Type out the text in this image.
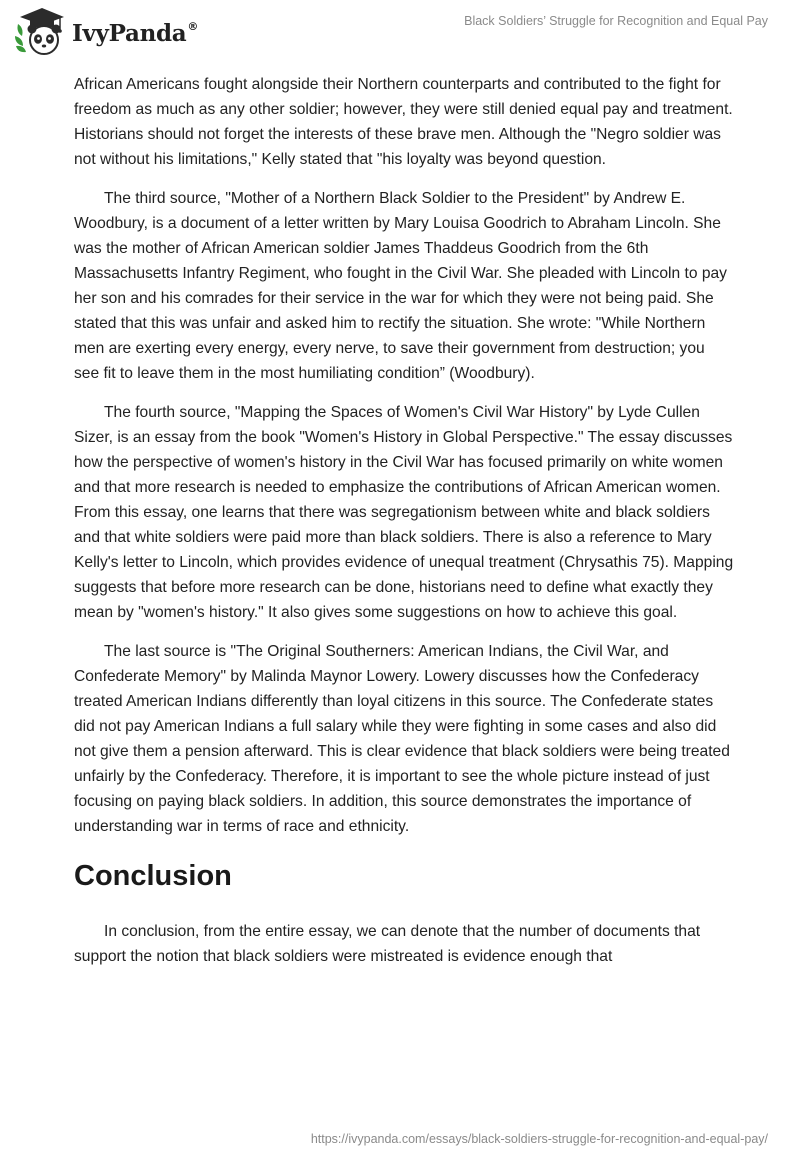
IvyPanda®	Black Soldiers’ Struggle for Recognition and Equal Pay

African Americans fought alongside their Northern counterparts and contributed to the fight for freedom as much as any other soldier; however, they were still denied equal pay and treatment. Historians should not forget the interests of these brave men. Although the "Negro soldier was not without his limitations," Kelly stated that "his loyalty was beyond question.

The third source, "Mother of a Northern Black Soldier to the President" by Andrew E. Woodbury, is a document of a letter written by Mary Louisa Goodrich to Abraham Lincoln. She was the mother of African American soldier James Thaddeus Goodrich from the 6th Massachusetts Infantry Regiment, who fought in the Civil War. She pleaded with Lincoln to pay her son and his comrades for their service in the war for which they were not being paid. She stated that this was unfair and asked him to rectify the situation. She wrote: "While Northern men are exerting every energy, every nerve, to save their government from destruction; you see fit to leave them in the most humiliating condition” (Woodbury).

The fourth source, "Mapping the Spaces of Women's Civil War History" by Lyde Cullen Sizer, is an essay from the book "Women's History in Global Perspective." The essay discusses how the perspective of women's history in the Civil War has focused primarily on white women and that more research is needed to emphasize the contributions of African American women. From this essay, one learns that there was segregationism between white and black soldiers and that white soldiers were paid more than black soldiers. There is also a reference to Mary Kelly's letter to Lincoln, which provides evidence of unequal treatment (Chrysathis 75). Mapping suggests that before more research can be done, historians need to define what exactly they mean by "women's history." It also gives some suggestions on how to achieve this goal.

The last source is "The Original Southerners: American Indians, the Civil War, and Confederate Memory" by Malinda Maynor Lowery. Lowery discusses how the Confederacy treated American Indians differently than loyal citizens in this source. The Confederate states did not pay American Indians a full salary while they were fighting in some cases and also did not give them a pension afterward. This is clear evidence that black soldiers were being treated unfairly by the Confederacy. Therefore, it is important to see the whole picture instead of just focusing on paying black soldiers. In addition, this source demonstrates the importance of understanding war in terms of race and ethnicity.

Conclusion

In conclusion, from the entire essay, we can denote that the number of documents that support the notion that black soldiers were mistreated is evidence enough that

https://ivypanda.com/essays/black-soldiers-struggle-for-recognition-and-equal-pay/
